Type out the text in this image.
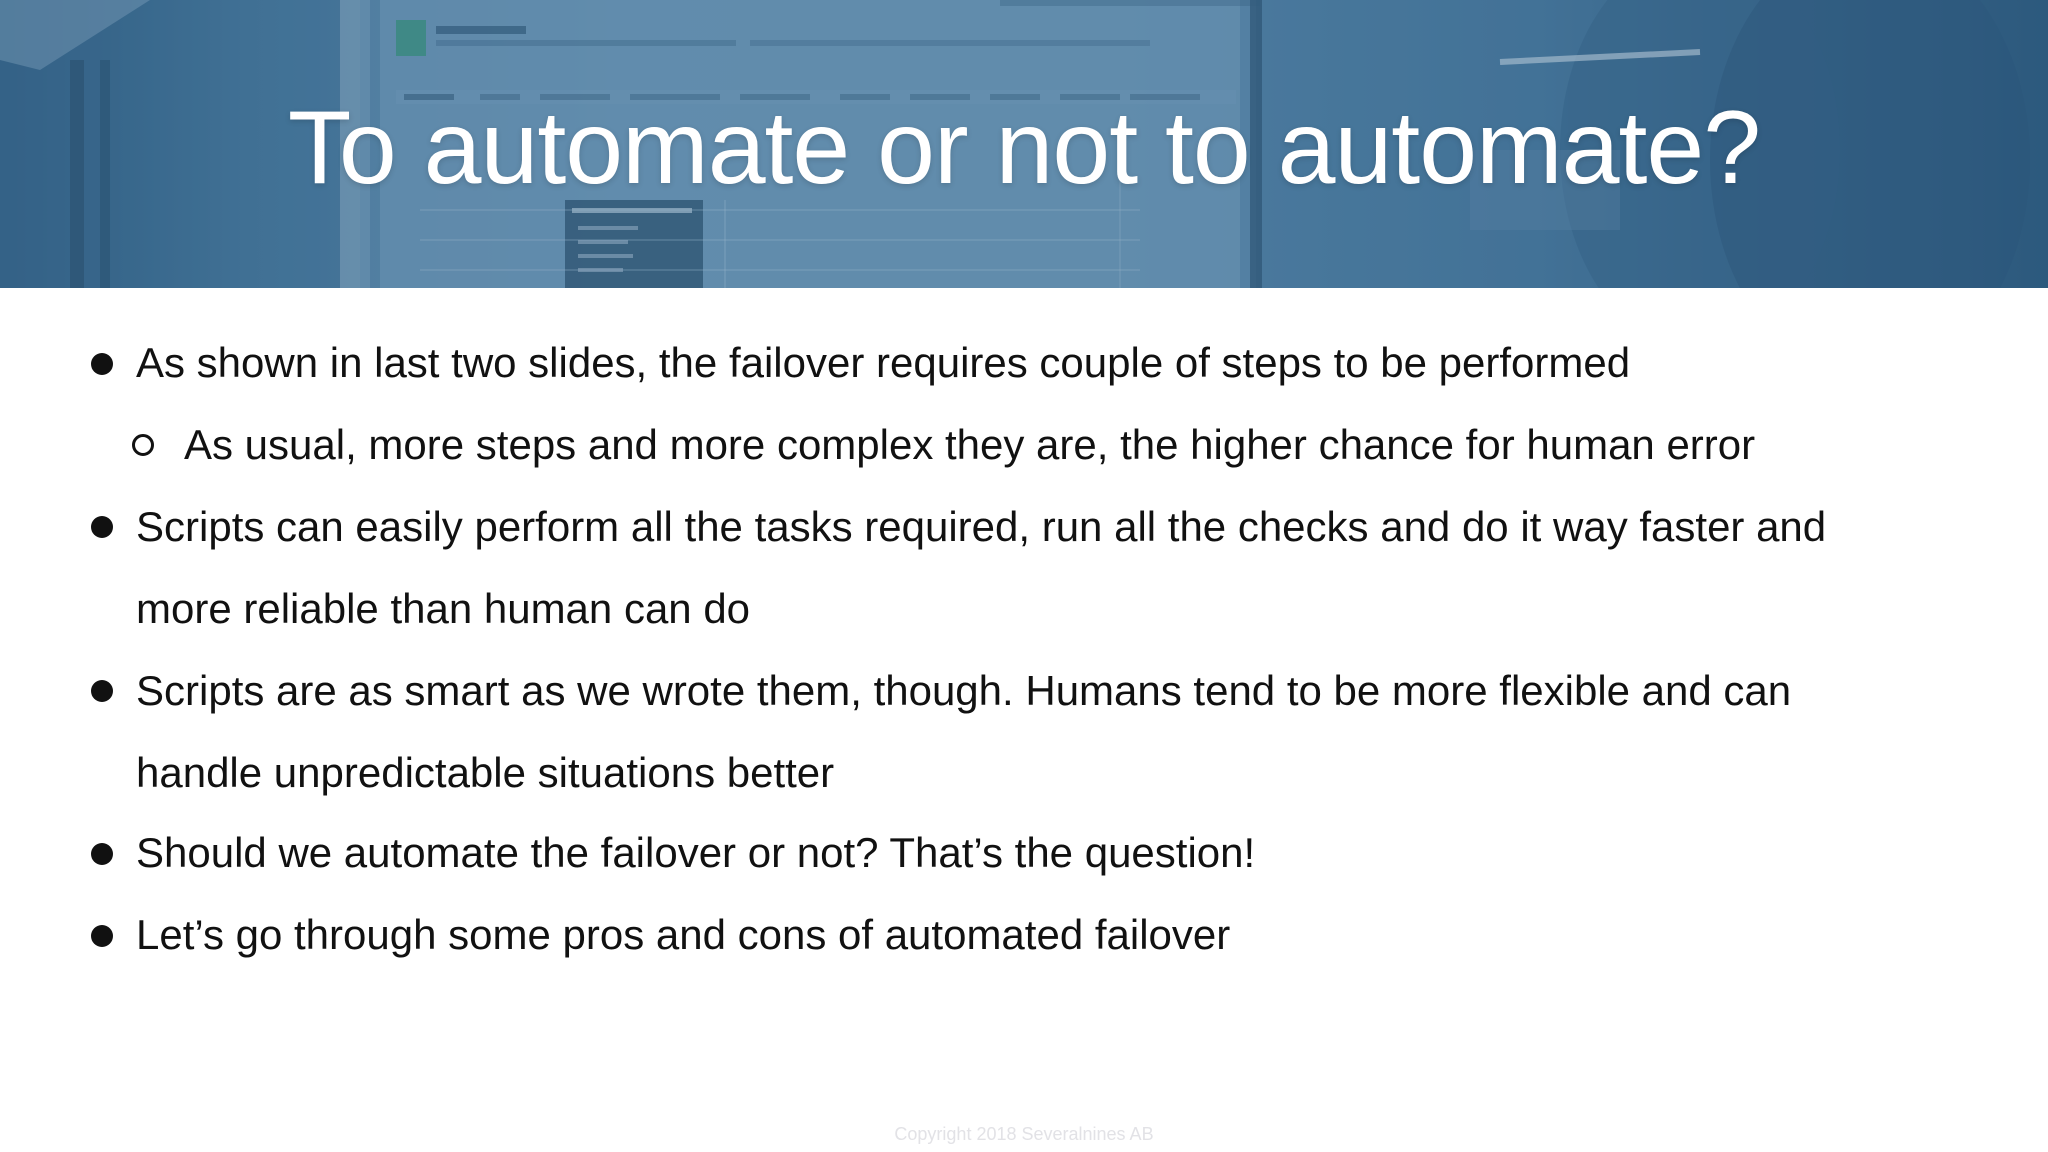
To automate or not to automate?
As shown in last two slides, the failover requires couple of steps to be performed
As usual, more steps and more complex they are, the higher chance for human error
Scripts can easily perform all the tasks required, run all the checks and do it way faster and
more reliable than human can do
Scripts are as smart as we wrote them, though. Humans tend to be more flexible and can
handle unpredictable situations better
Should we automate the failover or not? That’s the question!
Let’s go through some pros and cons of automated failover
Copyright 2018 Severalnines AB
